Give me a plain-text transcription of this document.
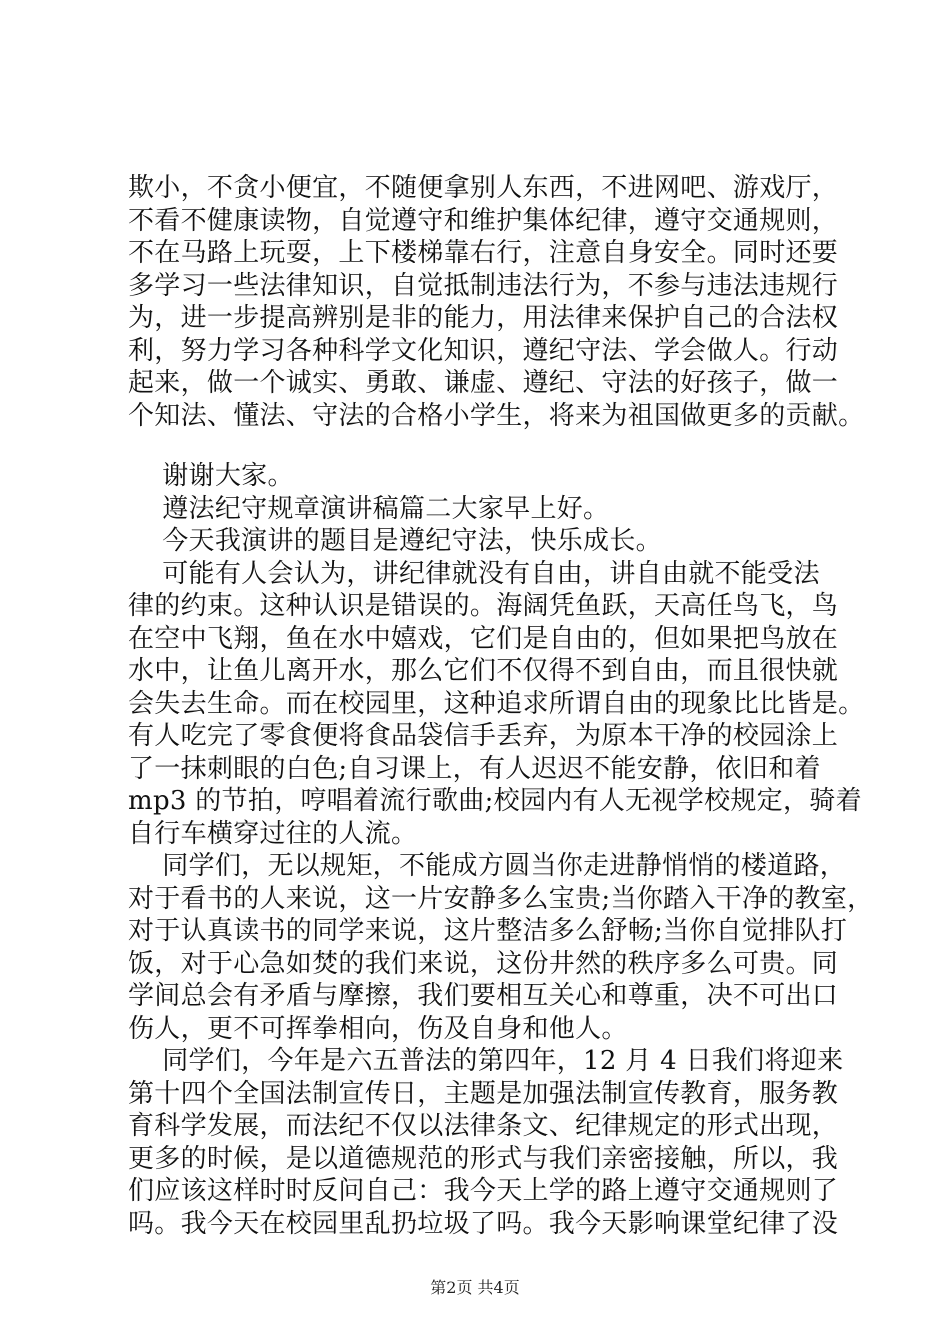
欺小，不贪小便宜，不随便拿别人东西，不进网吧、游戏厅，
不看不健康读物，自觉遵守和维护集体纪律，遵守交通规则，
不在马路上玩耍，上下楼梯靠右行，注意自身安全。同时还要
多学习一些法律知识，自觉抵制违法行为，不参与违法违规行
为，进一步提高辨别是非的能力，用法律来保护自己的合法权
利，努力学习各种科学文化知识，遵纪守法、学会做人。行动
起来，做一个诚实、勇敢、谦虚、遵纪、守法的好孩子，做一
个知法、懂法、守法的合格小学生，将来为祖国做更多的贡献。
谢谢大家。
遵法纪守规章演讲稿篇二大家早上好。
今天我演讲的题目是遵纪守法，快乐成长。
可能有人会认为，讲纪律就没有自由，讲自由就不能受法
律的约束。这种认识是错误的。海阔凭鱼跃，天高任鸟飞，鸟
在空中飞翔，鱼在水中嬉戏，它们是自由的，但如果把鸟放在
水中，让鱼儿离开水，那么它们不仅得不到自由，而且很快就
会失去生命。而在校园里，这种追求所谓自由的现象比比皆是。
有人吃完了零食便将食品袋信手丢弃，为原本干净的校园涂上
了一抹刺眼的白色;自习课上，有人迟迟不能安静，依旧和着
mp3 的节拍，哼唱着流行歌曲;校园内有人无视学校规定，骑着
自行车横穿过往的人流。
同学们，无以规矩，不能成方圆当你走进静悄悄的楼道路，
对于看书的人来说，这一片安静多么宝贵;当你踏入干净的教室，
对于认真读书的同学来说，这片整洁多么舒畅;当你自觉排队打
饭，对于心急如焚的我们来说，这份井然的秩序多么可贵。同
学间总会有矛盾与摩擦，我们要相互关心和尊重，决不可出口
伤人，更不可挥拳相向，伤及自身和他人。
同学们，今年是六五普法的第四年，12 月 4 日我们将迎来
第十四个全国法制宣传日，主题是加强法制宣传教育，服务教
育科学发展，而法纪不仅以法律条文、纪律规定的形式出现，
更多的时候，是以道德规范的形式与我们亲密接触，所以，我
们应该这样时时反问自己：我今天上学的路上遵守交通规则了
吗。我今天在校园里乱扔垃圾了吗。我今天影响课堂纪律了没
第2页 共4页
